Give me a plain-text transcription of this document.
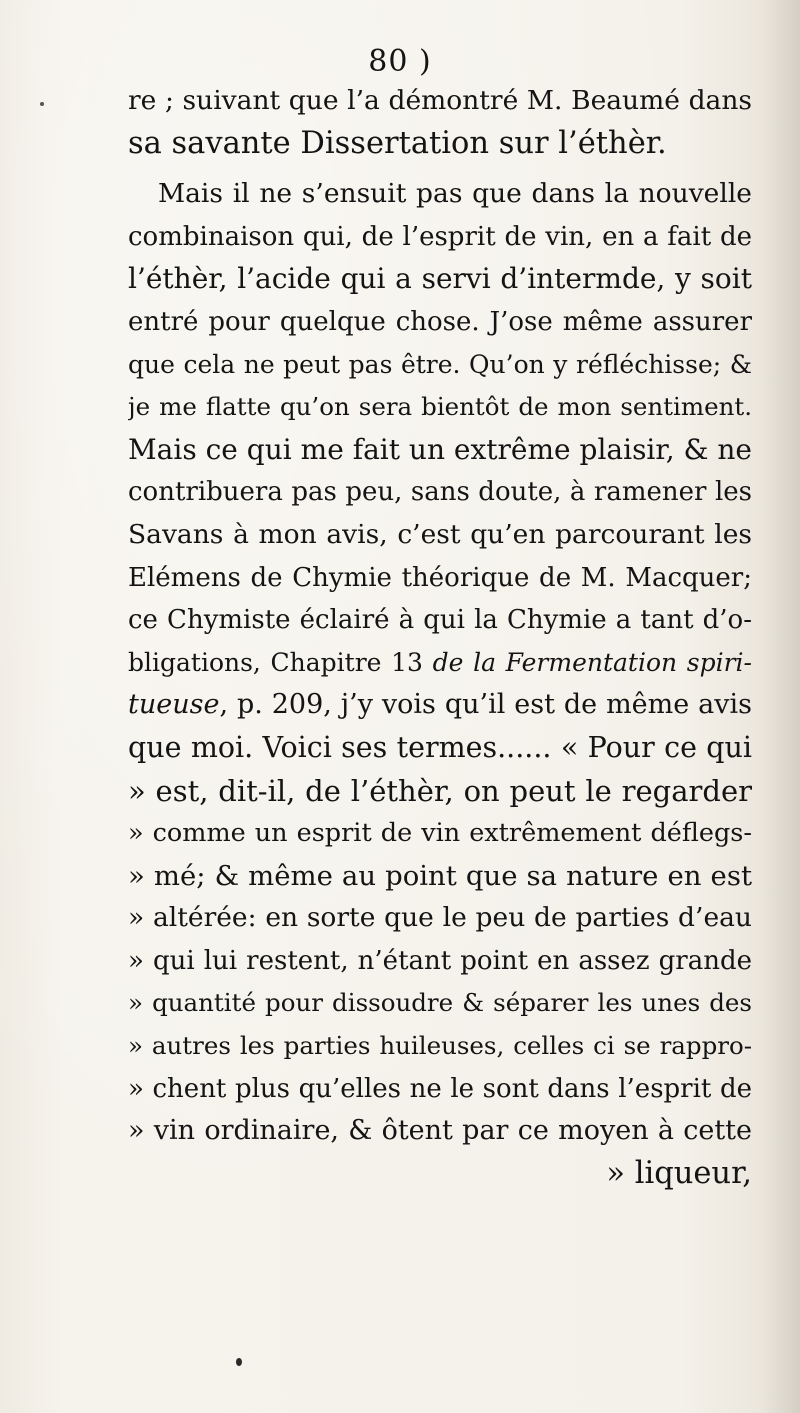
80 )
re ; suivant que l’a démontré M. Beaumé dans
sa savante Dissertation sur l’éthèr.
Mais il ne s’ensuit pas que dans la nouvelle
combinaison qui, de l’esprit de vin, en a fait de
l’éthèr, l’acide qui a servi d’intermde, y soit
entré pour quelque chose. J’ose même assurer
que cela ne peut pas être. Qu’on y réfléchisse; &
je me flatte qu’on sera bientôt de mon sentiment.
Mais ce qui me fait un extrême plaisir, & ne
contribuera pas peu, sans doute, à ramener les
Savans à mon avis, c’est qu’en parcourant les
Elémens de Chymie théorique de M. Macquer;
ce Chymiste éclairé à qui la Chymie a tant d’o-
bligations, Chapitre 13 de la Fermentation spiri-
tueuse, p. 209, j’y vois qu’il est de même avis
que moi. Voici ses termes...... « Pour ce qui
» est, dit-il, de l’éthèr, on peut le regarder
» comme un esprit de vin extrêmement déflegs-
» mé; & même au point que sa nature en est
» altérée: en sorte que le peu de parties d’eau
» qui lui restent, n’étant point en assez grande
» quantité pour dissoudre & séparer les unes des
» autres les parties huileuses, celles ci se rappro-
» chent plus qu’elles ne le sont dans l’esprit de
» vin ordinaire, & ôtent par ce moyen à cette
» liqueur,
